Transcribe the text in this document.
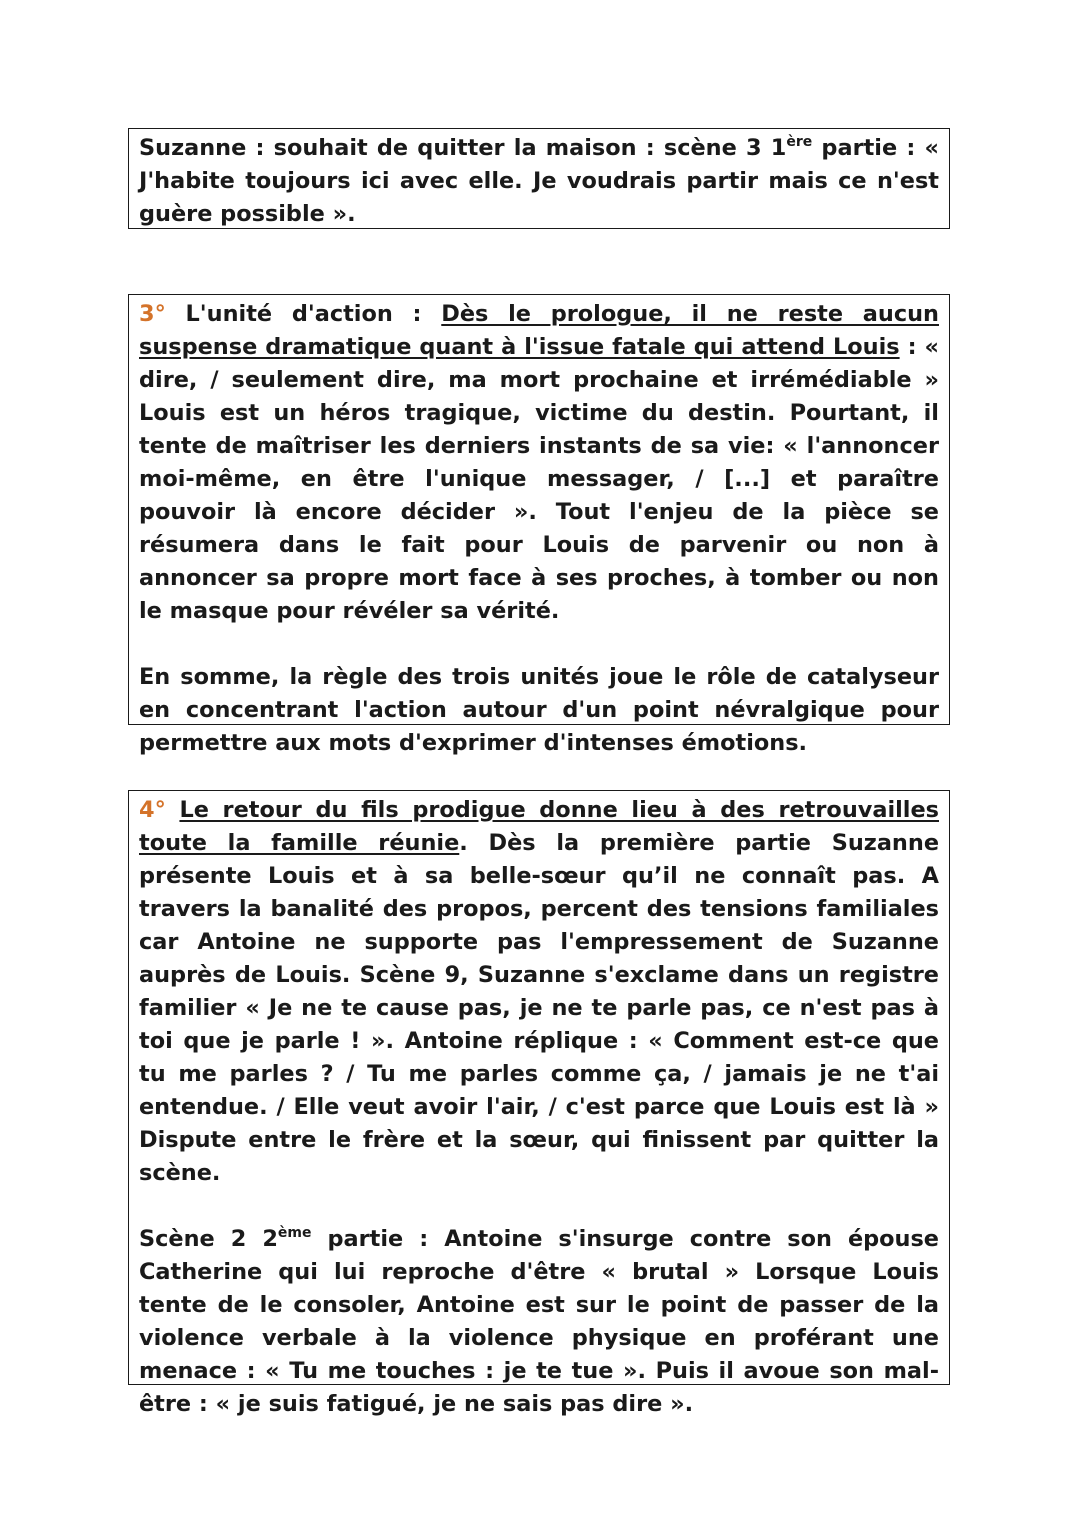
Suzanne : souhait de quitter la maison : scène 3 1ère partie : « J'habite toujours ici avec elle. Je voudrais partir mais ce n'est guère possible ».

3° L'unité d'action : Dès le prologue, il ne reste aucun suspense dramatique quant à l'issue fatale qui attend Louis : « dire, / seulement dire, ma mort prochaine et irrémédiable » Louis est un héros tragique, victime du destin. Pourtant, il tente de maîtriser les derniers instants de sa vie: « l'annoncer moi-même, en être l'unique messager, / [...] et paraître pouvoir là encore décider ». Tout l'enjeu de la pièce se résumera dans le fait pour Louis de parvenir ou non à annoncer sa propre mort face à ses proches, à tomber ou non le masque pour révéler sa vérité.

En somme, la règle des trois unités joue le rôle de catalyseur en concentrant l'action autour d'un point névralgique pour permettre aux mots d'exprimer d'intenses émotions.

4° Le retour du fils prodigue donne lieu à des retrouvailles toute la famille réunie. Dès la première partie Suzanne présente Louis et à sa belle-sœur qu’il ne connaît pas. A travers la banalité des propos, percent des tensions familiales car Antoine ne supporte pas l'empressement de Suzanne auprès de Louis. Scène 9, Suzanne s'exclame dans un registre familier « Je ne te cause pas, je ne te parle pas, ce n'est pas à toi que je parle ! ». Antoine réplique : « Comment est-ce que tu me parles ? / Tu me parles comme ça, / jamais je ne t'ai entendue. / Elle veut avoir l'air, / c'est parce que Louis est là » Dispute entre le frère et la sœur, qui finissent par quitter la scène.

Scène 2 2ème partie : Antoine s'insurge contre son épouse Catherine qui lui reproche d'être « brutal » Lorsque Louis tente de le consoler, Antoine est sur le point de passer de la violence verbale à la violence physique en proférant une menace : « Tu me touches : je te tue ». Puis il avoue son mal-être : « je suis fatigué, je ne sais pas dire ».
